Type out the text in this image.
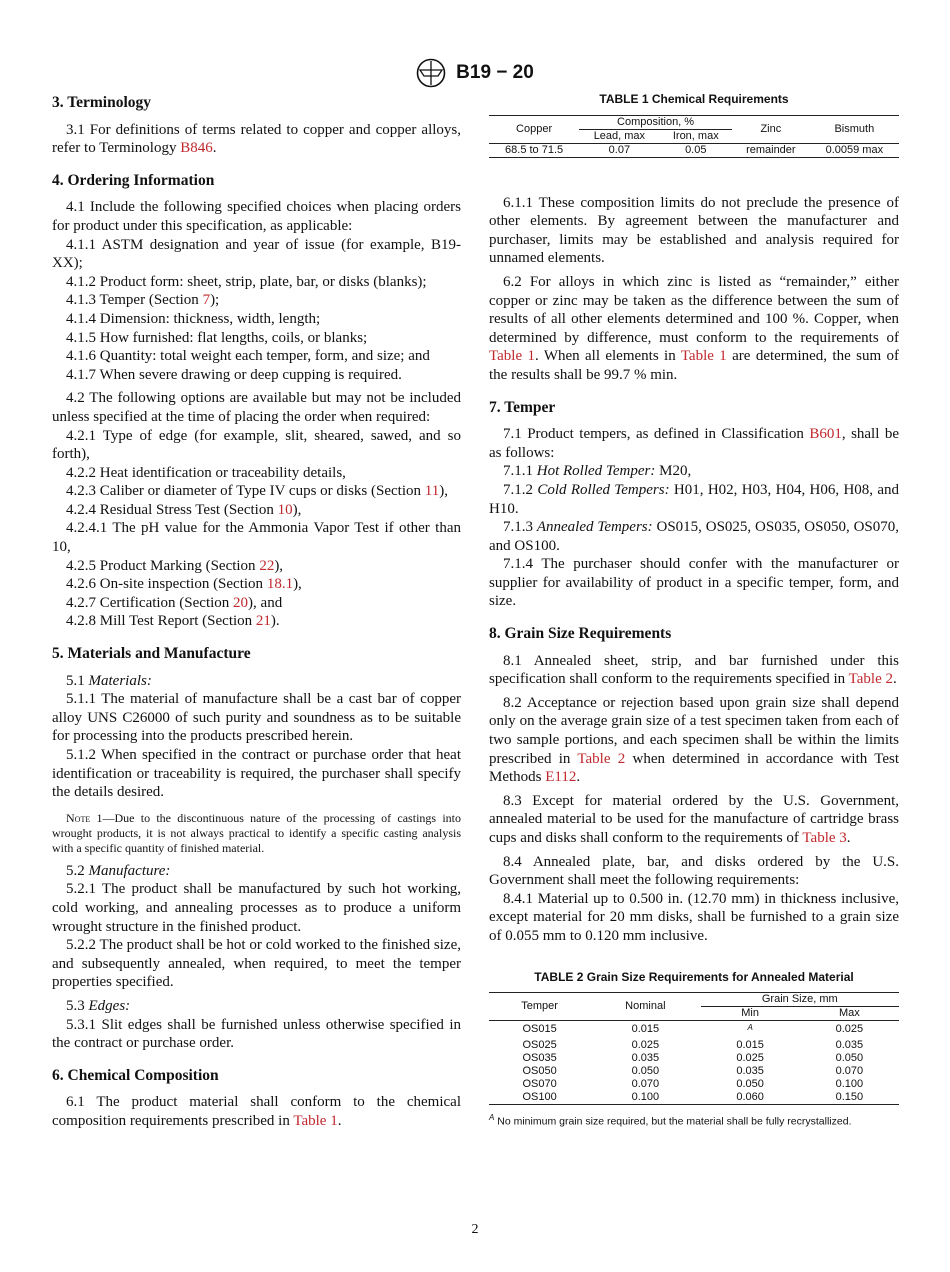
B19 − 20
3. Terminology

3.1 For definitions of terms related to copper and copper alloys, refer to Terminology B846.

4. Ordering Information

4.1 Include the following specified choices when placing orders for product under this specification, as applicable:

4.1.1 ASTM designation and year of issue (for example, B19-XX);

4.1.2 Product form: sheet, strip, plate, bar, or disks (blanks);

4.1.3 Temper (Section 7);

4.1.4 Dimension: thickness, width, length;

4.1.5 How furnished: flat lengths, coils, or blanks;

4.1.6 Quantity: total weight each temper, form, and size; and

4.1.7 When severe drawing or deep cupping is required.

4.2 The following options are available but may not be included unless specified at the time of placing the order when required:

4.2.1 Type of edge (for example, slit, sheared, sawed, and so forth),

4.2.2 Heat identification or traceability details,

4.2.3 Caliber or diameter of Type IV cups or disks (Section 11),

4.2.4 Residual Stress Test (Section 10),

4.2.4.1 The pH value for the Ammonia Vapor Test if other than 10,

4.2.5 Product Marking (Section 22),

4.2.6 On-site inspection (Section 18.1),

4.2.7 Certification (Section 20), and

4.2.8 Mill Test Report (Section 21).

5. Materials and Manufacture

5.1 Materials:

5.1.1 The material of manufacture shall be a cast bar of copper alloy UNS C26000 of such purity and soundness as to be suitable for processing into the products prescribed herein.

5.1.2 When specified in the contract or purchase order that heat identification or traceability is required, the purchaser shall specify the details desired.

Note 1—Due to the discontinuous nature of the processing of castings into wrought products, it is not always practical to identify a specific casting analysis with a specific quantity of finished material.

5.2 Manufacture:

5.2.1 The product shall be manufactured by such hot working, cold working, and annealing processes as to produce a uniform wrought structure in the finished product.

5.2.2 The product shall be hot or cold worked to the finished size, and subsequently annealed, when required, to meet the temper properties specified.

5.3 Edges:

5.3.1 Slit edges shall be furnished unless otherwise specified in the contract or purchase order.

6. Chemical Composition

6.1 The product material shall conform to the chemical composition requirements prescribed in Table 1.

TABLE 1 Chemical Requirements
Copper	Composition, %		Zinc	Bismuth
	Lead, max	Iron, max		
68.5 to 71.5	0.07	0.05	remainder	0.0059 max

6.1.1 These composition limits do not preclude the presence of other elements. By agreement between the manufacturer and purchaser, limits may be established and analysis required for unnamed elements.

6.2 For alloys in which zinc is listed as “remainder,” either copper or zinc may be taken as the difference between the sum of results of all other elements determined and 100 %. Copper, when determined by difference, must conform to the requirements of Table 1. When all elements in Table 1 are determined, the sum of the results shall be 99.7 % min.

7. Temper

7.1 Product tempers, as defined in Classification B601, shall be as follows:

7.1.1 Hot Rolled Temper: M20,

7.1.2 Cold Rolled Tempers: H01, H02, H03, H04, H06, H08, and H10.

7.1.3 Annealed Tempers: OS015, OS025, OS035, OS050, OS070, and OS100.

7.1.4 The purchaser should confer with the manufacturer or supplier for availability of product in a specific temper, form, and size.

8. Grain Size Requirements

8.1 Annealed sheet, strip, and bar furnished under this specification shall conform to the requirements specified in Table 2.

8.2 Acceptance or rejection based upon grain size shall depend only on the average grain size of a test specimen taken from each of two sample portions, and each specimen shall be within the limits prescribed in Table 2 when determined in accordance with Test Methods E112.

8.3 Except for material ordered by the U.S. Government, annealed material to be used for the manufacture of cartridge brass cups and disks shall conform to the requirements of Table 3.

8.4 Annealed plate, bar, and disks ordered by the U.S. Government shall meet the following requirements:

8.4.1 Material up to 0.500 in. (12.70 mm) in thickness inclusive, except material for 20 mm disks, shall be furnished to a grain size of 0.055 mm to 0.120 mm inclusive.

TABLE 2 Grain Size Requirements for Annealed Material
Temper	Nominal	Grain Size, mm	
		Min	Max
OS015	0.015	$^A$	0.025
OS025	0.025	0.015	0.035
OS035	0.035	0.025	0.050
OS050	0.050	0.035	0.070
OS070	0.070	0.050	0.100
OS100	0.100	0.060	0.150
$^A$ No minimum grain size required, but the material shall be fully recrystallized.
2
